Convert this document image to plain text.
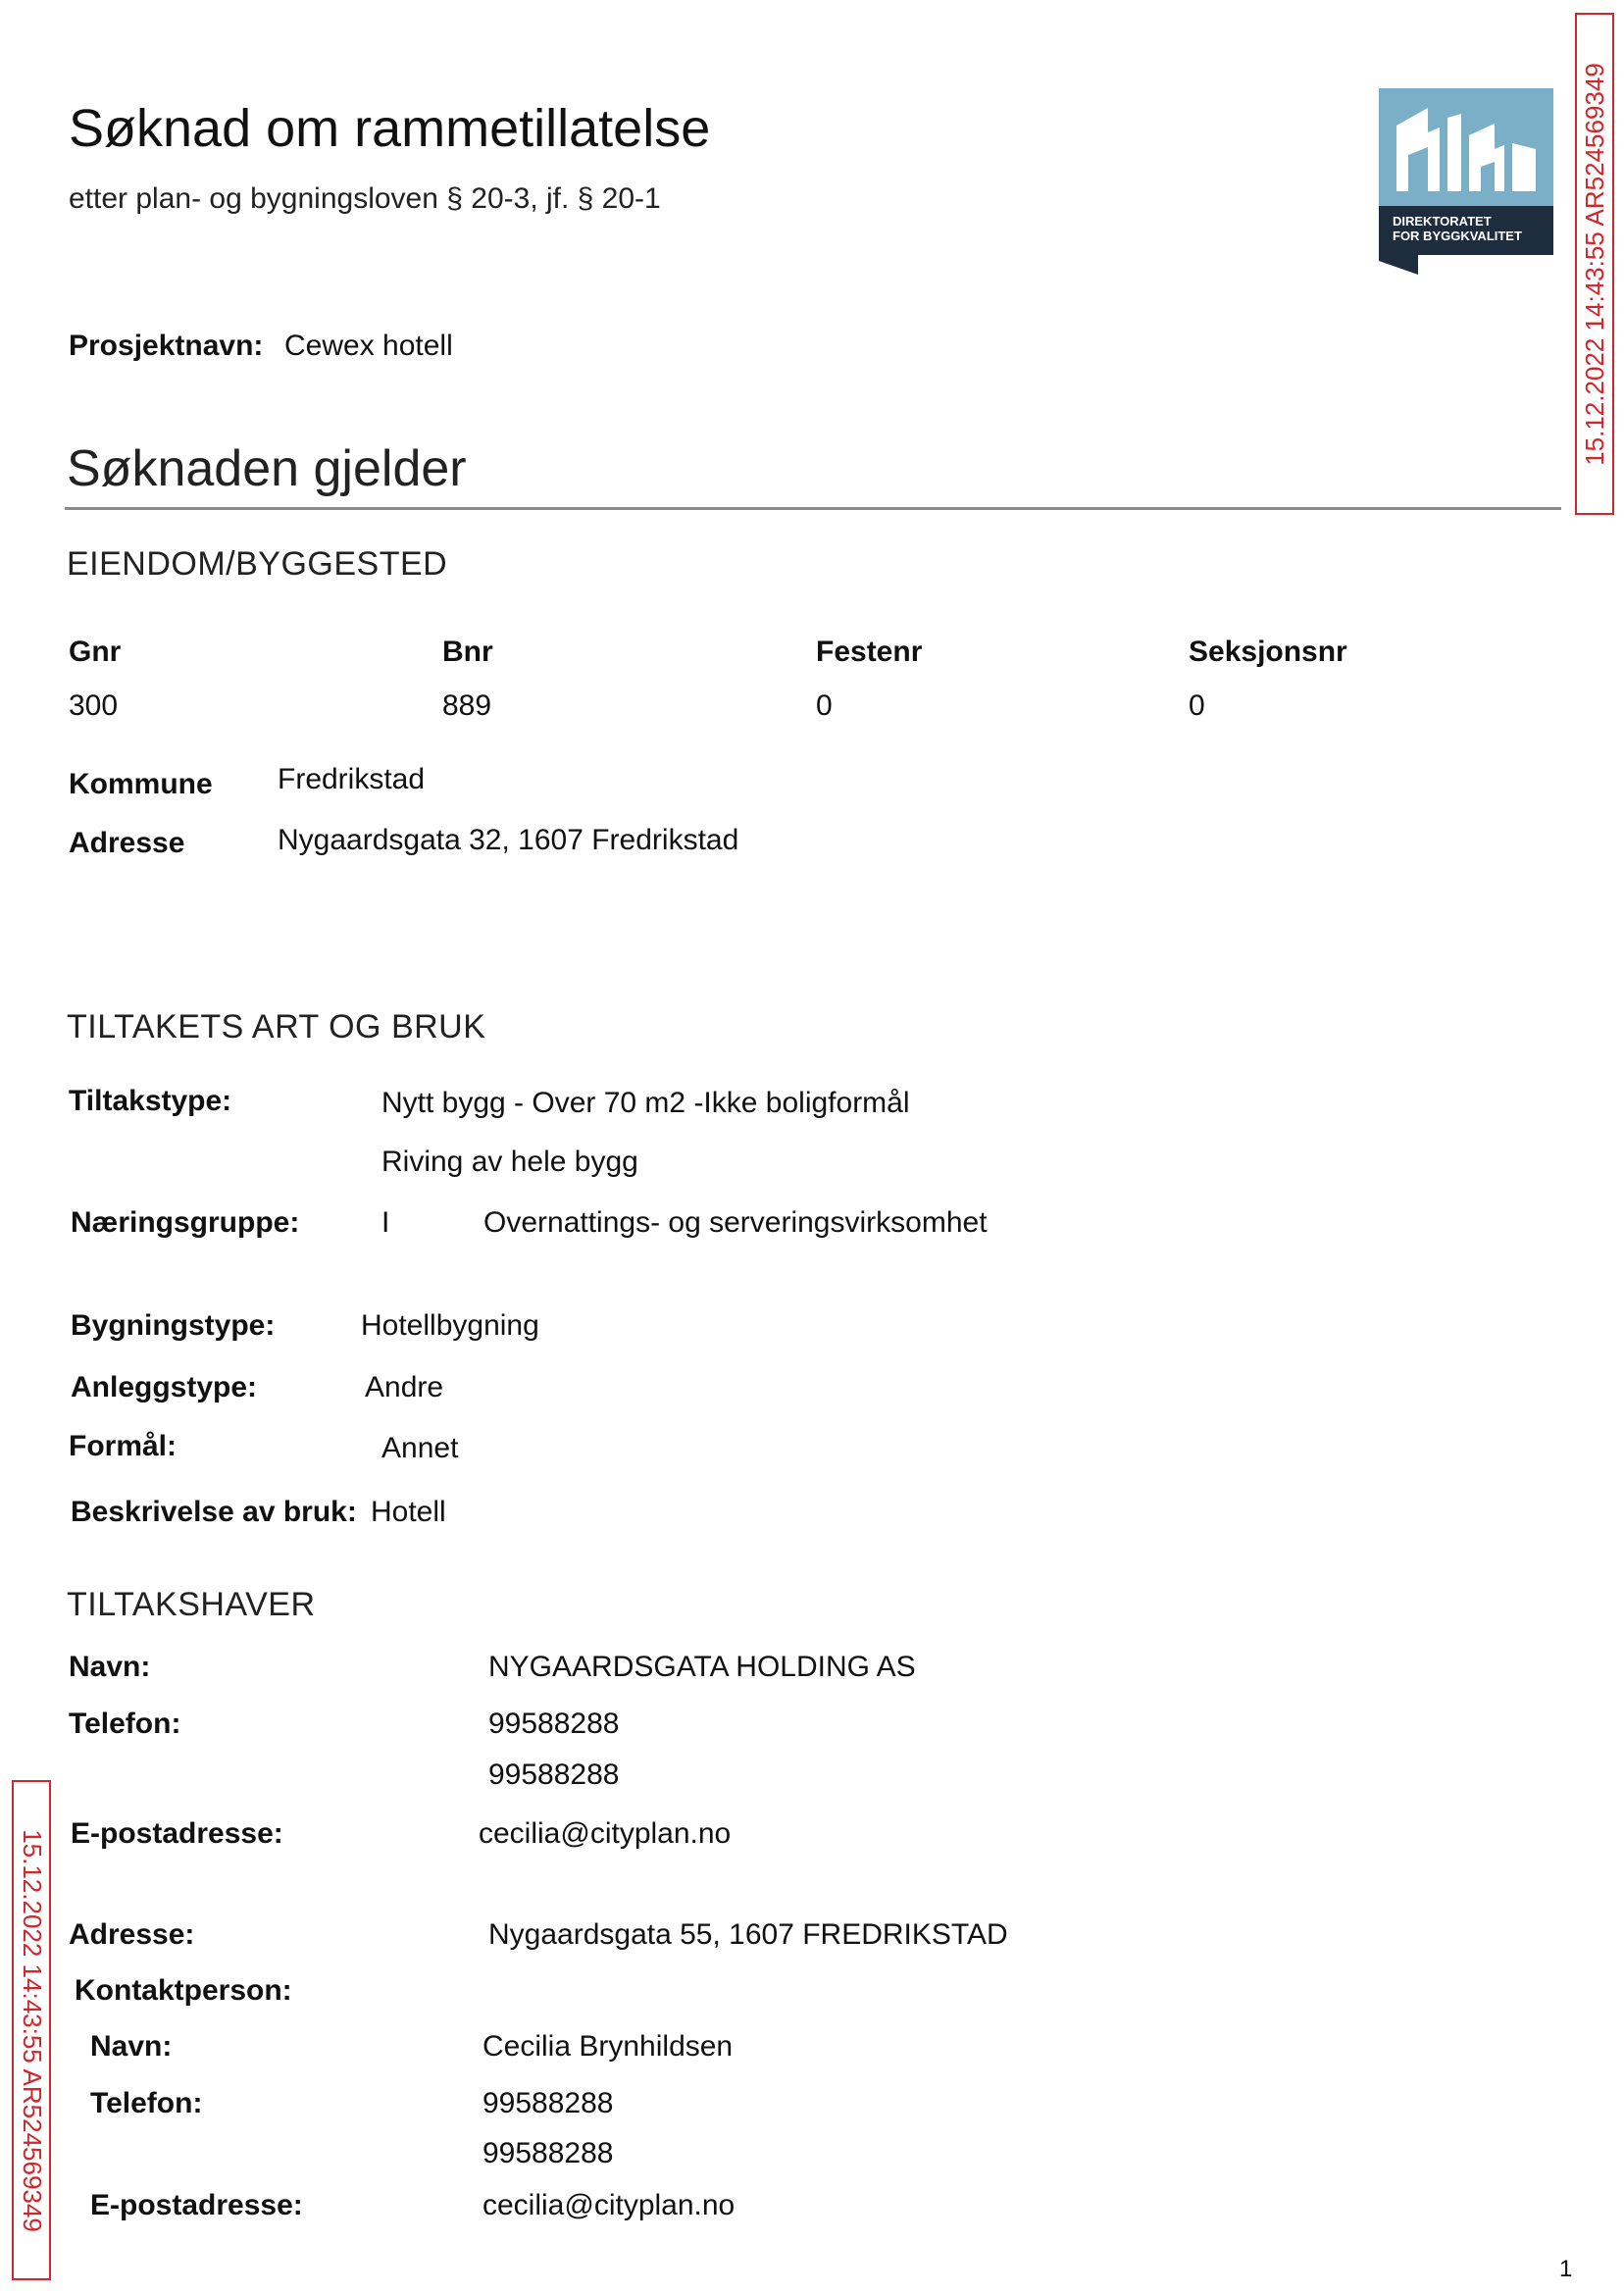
Søknad om rammetillatelse
etter plan- og bygningsloven § 20-3, jf. § 20-1
DIREKTORATET
FOR BYGGKVALITET
Prosjektnavn: Cewex hotell
Søknaden gjelder
EIENDOM/BYGGESTED
Gnr	Bnr	Festenr	Seksjonsnr
300	889	0	0
Kommune Fredrikstad
Adresse	Nygaardsgata 32, 1607 Fredrikstad
TILTAKETS ART OG BRUK
Tiltakstype:	Nytt bygg - Over 70 m2 -Ikke boligformål
Riving av hele bygg
Næringsgruppe:	I	Overnattings- og serveringsvirksomhet
Bygningstype:	Hotellbygning
Anleggstype:	Andre
Formål:	Annet
Beskrivelse av bruk: Hotell
TILTAKSHAVER
Navn:	NYGAARDSGATA HOLDING AS
Telefon:	99588288
99588288
E-postadresse:	cecilia@cityplan.no
Adresse:	Nygaardsgata 55, 1607 FREDRIKSTAD
Kontaktperson:
Navn:	Cecilia Brynhildsen
Telefon:	99588288
99588288
E-postadresse:	cecilia@cityplan.no
15.12.2022 14:43:55 AR524569349
15.12.2022 14:43:55 AR524569349
1
